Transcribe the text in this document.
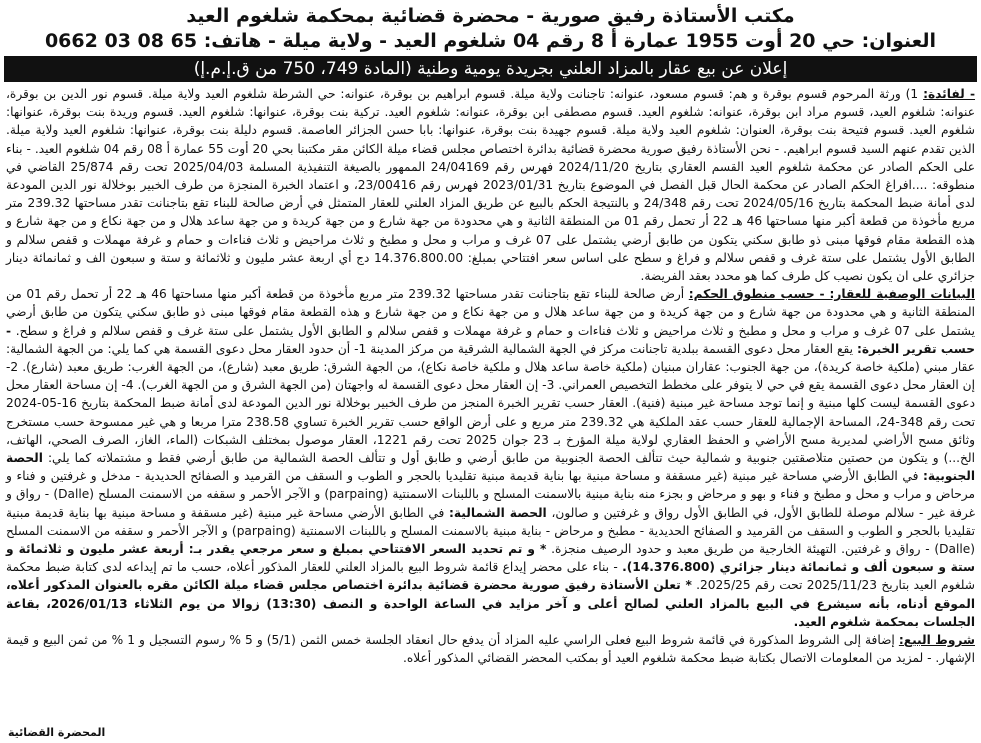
مكتب الأستاذة رفيق صورية - محضرة قضائية بمحكمة شلغوم العيد
العنوان: حي 20 أوت 1955 عمارة أ 8 رقم 04 شلغوم العيد - ولاية ميلة - هاتف: 65 08 03 0662
إعلان عن بيع عقار بالمزاد العلني بجريدة يومية وطنية (المادة 749، 750 من ق.إ.م.إ)

- لفائدة: 1) ورثة المرحوم قسوم بوقرة و هم: قسوم مسعود، عنوانه: تاجنانت ولاية ميلة. قسوم ابراهيم بن بوقرة، عنوانه: حي الشرطة شلغوم العيد ولاية ميلة. قسوم نور الدين بن بوقرة، عنوانه: شلغوم العيد، قسوم مراد ابن بوقرة، عنوانه: شلغوم العيد. قسوم مصطفى ابن بوقرة، عنوانه: شلغوم العيد. تركية بنت بوقرة، عنوانها: شلغوم العيد. قسوم وريدة بنت بوقرة، عنوانها: شلغوم العيد. قسوم فتيحة بنت بوقرة، العنوان: شلغوم العيد ولاية ميلة. قسوم جهيدة بنت بوقرة، عنوانها: بابا حسن الجزائر العاصمة. قسوم دليلة بنت بوقرة، عنوانها: شلغوم العيد ولاية ميلة. الذين تقدم عنهم السيد قسوم ابراهيم. - نحن الأستاذة رفيق صورية محضرة قضائية بدائرة اختصاص مجلس قضاء ميلة الكائن مقر مكتبنا بحي 20 أوت 55 عمارة أ 08 رقم 04 شلغوم العيد. - بناء على الحكم الصادر عن محكمة شلغوم العيد القسم العقاري بتاريخ 2024/11/20 فهرس رقم 24/04169 الممهور بالصيغة التنفيذية المسلمة 2025/04/03 تحت رقم 25/874 القاضي في منطوقه: ....افراغ الحكم الصادر عن محكمة الحال قبل الفصل في الموضوع بتاريخ 2023/01/31 فهرس رقم 23/00416، و اعتماد الخبرة المنجزة من طرف الخبير بوخلالة نور الدين المودعة لدى أمانة ضبط المحكمة بتاريخ 2024/05/16 تحت رقم 24/348 و بالنتيجة الحكم بالبيع عن طريق المزاد العلني للعقار المتمثل في أرض صالحة للبناء تقع بتاجنانت تقدر مساحتها 239.32 متر مربع مأخوذة من قطعة أكبر منها مساحتها 46 هـ 22 أر تحمل رقم 01 من المنطقة الثانية و هي محدودة من جهة شارع و من جهة كريدة و من جهة ساعد هلال و من جهة نكاع و من جهة شارع و هذه القطعة مقام فوقها مبنى ذو طابق سكني يتكون من طابق أرضي يشتمل على 07 غرف و مراب و محل و مطبخ و ثلاث مراحيض و ثلاث فناءات و حمام و غرفة مهملات و قفص سلالم و الطابق الأول يشتمل على ستة غرف و قفص سلالم و فراغ و سطح على اساس سعر افتتاحي بمبلغ: 14.376.800.00 دج أي اربعة عشر مليون و ثلاثمائة و ستة و سبعون الف و ثمانمائة دينار جزائري على ان يكون نصيب كل طرف كما هو محدد بعقد الفريضة.

البيانات الوصفية للعقار: - حسب منطوق الحكم: أرض صالحة للبناء تقع بتاجنانت تقدر مساحتها 239.32 متر مربع مأخوذة من قطعة أكبر منها مساحتها 46 هـ 22 أر تحمل رقم 01 من المنطقة الثانية و هي محدودة من جهة شارع و من جهة كريدة و من جهة ساعد هلال و من جهة نكاع و من جهة شارع و هذه القطعة مقام فوقها مبنى ذو طابق سكني يتكون من طابق أرضي يشتمل على 07 غرف و مراب و محل و مطبخ و ثلاث مراحيض و ثلاث فناءات و حمام و غرفة مهملات و قفص سلالم و الطابق الأول يشتمل على ستة غرف و قفص سلالم و فراغ و سطح. - حسب تقرير الخبرة: يقع العقار محل دعوى القسمة ببلدية تاجنانت مركز في الجهة الشمالية الشرقية من مركز المدينة 1- أن حدود العقار محل دعوى القسمة هي كما يلي: من الجهة الشمالية: عقار مبني (ملكية خاصة كريدة)، من جهة الجنوب: عقاران مبنيان (ملكية خاصة ساعد هلال و ملكية خاصة نكاع)، من الجهة الشرق: طريق معبد (شارع)، من الجهة الغرب: طريق معبد (شارع). 2- إن العقار محل دعوى القسمة يقع في حي لا يتوفر على مخطط التخصيص العمراني. 3- إن العقار محل دعوى القسمة له واجهتان (من الجهة الشرق و من الجهة الغرب). 4- إن مساحة العقار محل دعوى القسمة ليست كلها مبنية و إنما توجد مساحة غير مبنية (فنية). العقار حسب تقرير الخبرة المنجز من طرف الخبير بوخلالة نور الدين المودعة لدى أمانة ضبط المحكمة بتاريخ 16-05-2024 تحت رقم 348-24، المساحة الإجمالية للعقار حسب عقد الملكية هي 239.32 متر مربع و على أرض الواقع حسب تقرير الخبرة تساوي 238.58 مترا مربعا و هي غير ممسوحة حسب مستخرج وثائق مسح الأراضي لمديرية مسح الأراضي و الحفظ العقاري لولاية ميلة المؤرخ بـ 23 جوان 2025 تحت رقم 1221، العقار موصول بمختلف الشبكات (الماء، الغاز، الصرف الصحي، الهاتف، الخ...) و يتكون من حصتين متلاصقتين جنوبية و شمالية حيث تتألف الحصة الجنوبية من طابق أرضي و طابق أول و تتألف الحصة الشمالية من طابق أرضي فقط و مشتملاته كما يلي: الحصة الجنوبية: في الطابق الأرضي مساحة غير مبنية (غير مسقفة و مساحة مبنية بها بناية قديمة مبنية تقليديا بالحجر و الطوب و السقف من القرميد و الصفائح الحديدية - مدخل و غرفتين و فناء و مرحاض و مراب و محل و مطبخ و فناء و بهو و مرحاض و بجزء منه بناية مبنية بالاسمنت المسلح و باللبنات الاسمنتية (parpaing) و الآجر الأحمر و سقفه من الاسمنت المسلح (Dalle) - رواق و غرفة غير - سلالم موصلة للطابق الأول، في الطابق الأول رواق و غرفتين و صالون، الحصة الشمالية: في الطابق الأرضي مساحة غير مبنية (غير مسقفة و مساحة مبنية بها بناية قديمة مبنية تقليديا بالحجر و الطوب و السقف من القرميد و الصفائح الحديدية - مطبخ و مرحاض - بناية مبنية بالاسمنت المسلح و باللبنات الاسمنتية (parpaing) و الآجر الأحمر و سقفه من الاسمنت المسلح (Dalle) - رواق و غرفتين. التهيئة الخارجية من طريق معبد و حدود الرصيف منجزة. * و تم تحديد السعر الافتتاحي بمبلغ و سعر مرجعي يقدر بـ: أربعة عشر مليون و ثلاثمائة و ستة و سبعون ألف و ثمانمائة دينار جزائري (14.376.800). - بناء على محضر إيداع قائمة شروط البيع بالمزاد العلني للعقار المذكور أعلاه، حسب ما تم إيداعه لدى كتابة ضبط محكمة شلغوم العيد بتاريخ 2025/11/23 تحت رقم 2025/25. * تعلن الأستاذة رفيق صورية محضرة قضائية بدائرة اختصاص مجلس قضاء ميلة الكائن مقره بالعنوان المذكور أعلاه، الموقع أدناه، بأنه سيشرع في البيع بالمزاد العلني لصالح أعلى و آخر مزايد في الساعة الواحدة و النصف (13:30) زوالا من يوم الثلاثاء 2026/01/13، بقاعة الجلسات بمحكمة شلغوم العيد.

شروط البيع: إضافة إلى الشروط المذكورة في قائمة شروط البيع فعلى الراسي عليه المزاد أن يدفع حال انعقاد الجلسة خمس الثمن (5/1) و 5 % رسوم التسجيل و 1 % من ثمن البيع و قيمة الإشهار. - لمزيد من المعلومات الاتصال بكتابة ضبط محكمة شلغوم العيد أو بمكتب المحضر القضائي المذكور أعلاه.

المحضرة القضائية
